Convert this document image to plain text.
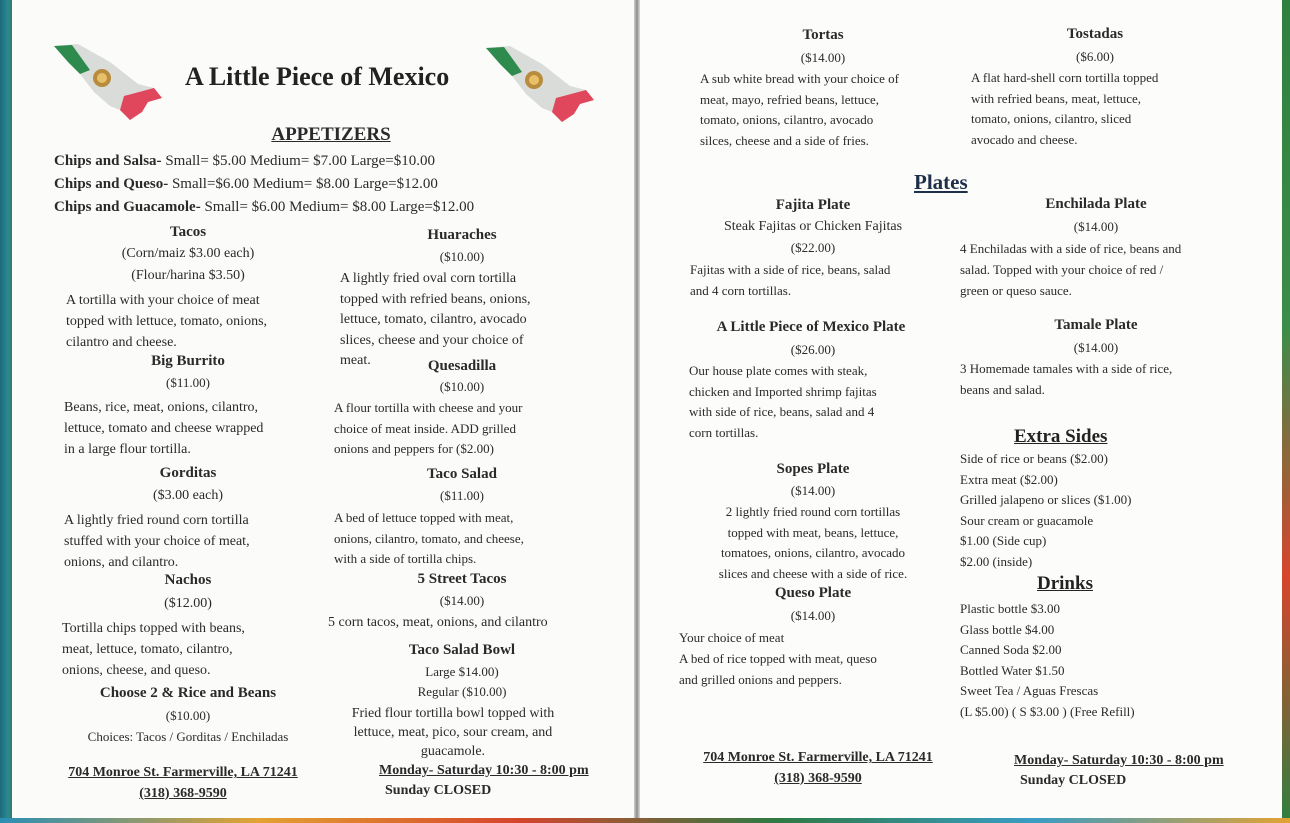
A Little Piece of Mexico
APPETIZERS
Chips and Salsa- Small= $5.00 Medium= $7.00 Large=$10.00
Chips and Queso- Small=$6.00 Medium= $8.00 Large=$12.00
Chips and Guacamole- Small= $6.00 Medium= $8.00 Large=$12.00
Tacos
(Corn/maiz $3.00 each)
(Flour/harina $3.50)
A tortilla with your choice of meat
topped with lettuce, tomato, onions,
cilantro and cheese.
Big Burrito
($11.00)
Beans, rice, meat, onions, cilantro,
lettuce, tomato and cheese wrapped
in a large flour tortilla.
Gorditas
($3.00 each)
A lightly fried round corn tortilla
stuffed with your choice of meat,
onions, and cilantro.
Nachos
($12.00)
Tortilla chips topped with beans,
meat, lettuce, tomato, cilantro,
onions, cheese, and queso.
Choose 2 & Rice and Beans
($10.00)
Choices: Tacos / Gorditas / Enchiladas
Huaraches
($10.00)
A lightly fried oval corn tortilla
topped with refried beans, onions,
lettuce, tomato, cilantro, avocado
slices, cheese and your choice of
meat.	Quesadilla
($10.00)
A flour tortilla with cheese and your
choice of meat inside. ADD grilled
onions and peppers for ($2.00)
Taco Salad
($11.00)
A bed of lettuce topped with meat,
onions, cilantro, tomato, and cheese,
with a side of tortilla chips.
5 Street Tacos
($14.00)
5 corn tacos, meat, onions, and cilantro
Taco Salad Bowl
Large $14.00)
Regular ($10.00)
Fried flour tortilla bowl topped with
lettuce, meat, pico, sour cream, and
guacamole.
704 Monroe St. Farmerville, LA 71241
(318) 368-9590
Monday- Saturday 10:30 - 8:00 pm
Sunday CLOSED
Tortas
($14.00)
A sub white bread with your choice of
meat, mayo, refried beans, lettuce,
tomato, onions, cilantro, avocado
silces, cheese and a side of fries.
Tostadas
($6.00)
A flat hard-shell corn tortilla topped
with refried beans, meat, lettuce,
tomato, onions, cilantro, sliced
avocado and cheese.
Plates
Fajita Plate
Steak Fajitas or Chicken Fajitas
($22.00)
Fajitas with a side of rice, beans, salad
and 4 corn tortillas.
A Little Piece of Mexico Plate
($26.00)
Our house plate comes with steak,
chicken and Imported shrimp fajitas
with side of rice, beans, salad and 4
corn tortillas.
Sopes Plate
($14.00)
2 lightly fried round corn tortillas
topped with meat, beans, lettuce,
tomatoes, onions, cilantro, avocado
slices and cheese with a side of rice.
Queso Plate
($14.00)
Your choice of meat
A bed of rice topped with meat, queso
and grilled onions and peppers.
Enchilada Plate
($14.00)
4 Enchiladas with a side of rice, beans and
salad. Topped with your choice of red /
green or queso sauce.
Tamale Plate
($14.00)
3 Homemade tamales with a side of rice,
beans and salad.
Extra Sides
Side of rice or beans ($2.00)
Extra meat ($2.00)
Grilled jalapeno or slices ($1.00)
Sour cream or guacamole
$1.00 (Side cup)
$2.00 (inside)
Drinks
Plastic bottle $3.00
Glass bottle $4.00
Canned Soda $2.00
Bottled Water $1.50
Sweet Tea / Aguas Frescas
(L $5.00) ( S $3.00 ) (Free Refill)
704 Monroe St. Farmerville, LA 71241
(318) 368-9590
Monday- Saturday 10:30 - 8:00 pm
Sunday CLOSED
